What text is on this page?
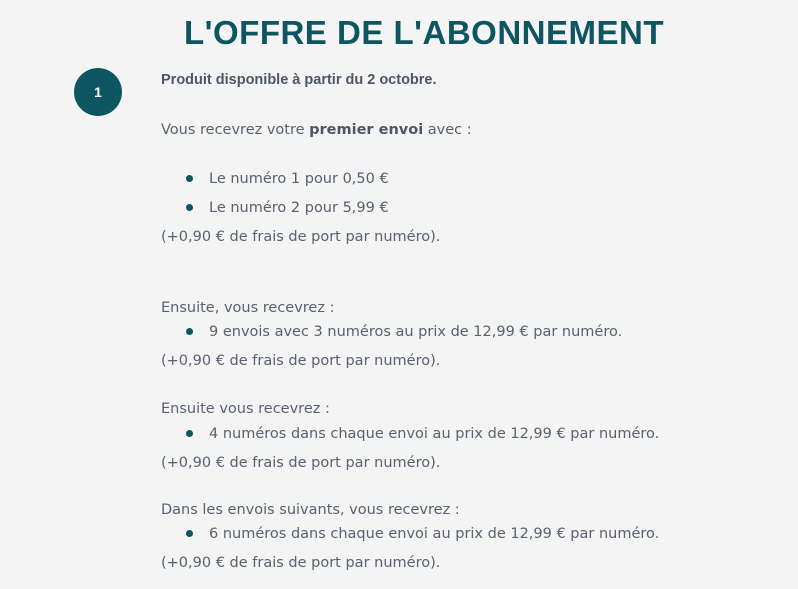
L'OFFRE DE L'ABONNEMENT
1
Produit disponible à partir du 2 octobre.
Vous recevrez votre premier envoi avec :
Le numéro 1 pour 0,50 €
Le numéro 2 pour 5,99 €
(+0,90 € de frais de port par numéro).
Ensuite, vous recevrez :
9 envois avec 3 numéros au prix de 12,99 € par numéro.
(+0,90 € de frais de port par numéro).
Ensuite vous recevrez :
4 numéros dans chaque envoi au prix de 12,99 € par numéro.
(+0,90 € de frais de port par numéro).
Dans les envois suivants, vous recevrez :
6 numéros dans chaque envoi au prix de 12,99 € par numéro.
(+0,90 € de frais de port par numéro).
